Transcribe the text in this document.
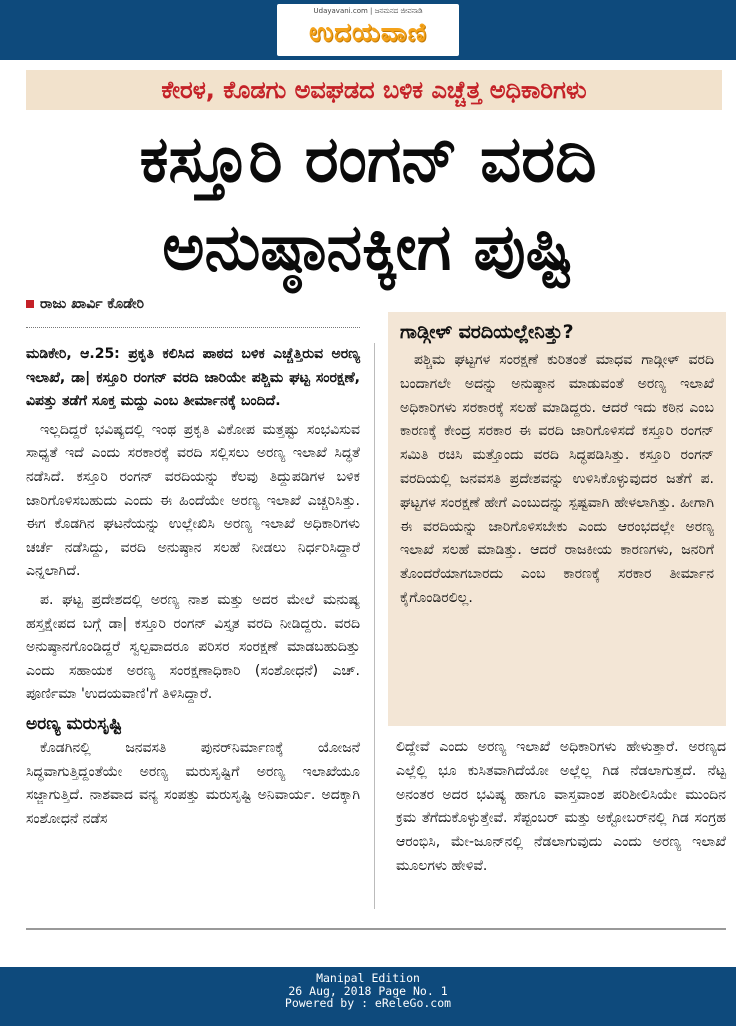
Udayavani.com | ಜನಮನದ ಜೀವನಾಡಿ
ಉದಯವಾಣಿ
ಕೇರಳ, ಕೊಡಗು ಅವಘಡದ ಬಳಿಕ ಎಚ್ಚೆತ್ತ ಅಧಿಕಾರಿಗಳು
ಕಸ್ತೂರಿ ರಂಗನ್‌ ವರದಿ
ಅನುಷ್ಠಾನಕ್ಕೀಗ ಪುಷ್ಟಿ
ರಾಜು ಖಾರ್ವಿ ಕೊಡೇರಿ

ಮಡಿಕೇರಿ, ಆ.25: ಪ್ರಕೃತಿ ಕಲಿಸಿದ ಪಾಠದ ಬಳಿಕ ಎಚ್ಚೆತ್ತಿರುವ ಅರಣ್ಯ ಇಲಾಖೆ, ಡಾ| ಕಸ್ತೂರಿ ರಂಗನ್‌ ವರದಿ ಜಾರಿಯೇ ಪಶ್ಚಿಮ ಘಟ್ಟ ಸಂರಕ್ಷಣೆ, ವಿಪತ್ತು ತಡೆಗೆ ಸೂಕ್ತ ಮದ್ದು ಎಂಬ ತೀರ್ಮಾನಕ್ಕೆ ಬಂದಿದೆ.

ಇಲ್ಲದಿದ್ದರೆ ಭವಿಷ್ಯದಲ್ಲಿ ಇಂಥ ಪ್ರಕೃತಿ ವಿಕೋಪ ಮತ್ತಷ್ಟು ಸಂಭವಿಸುವ ಸಾಧ್ಯತೆ ಇದೆ ಎಂದು ಸರಕಾರಕ್ಕೆ ವರದಿ ಸಲ್ಲಿಸಲು ಅರಣ್ಯ ಇಲಾಖೆ ಸಿದ್ಧತೆ ನಡೆಸಿದೆ. ಕಸ್ತೂರಿ ರಂಗನ್‌ ವರದಿಯನ್ನು ಕೆಲವು ತಿದ್ದುಪಡಿಗಳ ಬಳಿಕ ಜಾರಿಗೊಳಿಸಬಹುದು ಎಂದು ಈ ಹಿಂದೆಯೇ ಅರಣ್ಯ ಇಲಾಖೆ ಎಚ್ಚರಿಸಿತ್ತು. ಈಗ ಕೊಡಗಿನ ಘಟನೆಯನ್ನು ಉಲ್ಲೇಖಿಸಿ ಅರಣ್ಯ ಇಲಾಖೆ ಅಧಿಕಾರಿಗಳು ಚರ್ಚೆ ನಡೆಸಿದ್ದು, ವರದಿ ಅನುಷ್ಠಾನ ಸಲಹೆ ನೀಡಲು ನಿರ್ಧರಿಸಿದ್ದಾರೆ ಎನ್ನಲಾಗಿದೆ.

ಪ. ಘಟ್ಟ ಪ್ರದೇಶದಲ್ಲಿ ಅರಣ್ಯ ನಾಶ ಮತ್ತು ಅದರ ಮೇಲೆ ಮನುಷ್ಯ ಹಸ್ತಕ್ಷೇಪದ ಬಗ್ಗೆ ಡಾ| ಕಸ್ತೂರಿ ರಂಗನ್‌ ವಿಸ್ತೃತ ವರದಿ ನೀಡಿದ್ದರು. ವರದಿ ಅನುಷ್ಠಾನಗೊಂಡಿದ್ದರೆ ಸ್ವಲ್ಪವಾದರೂ ಪರಿಸರ ಸಂರಕ್ಷಣೆ ಮಾಡಬಹುದಿತ್ತು ಎಂದು ಸಹಾಯಕ ಅರಣ್ಯ ಸಂರಕ್ಷಣಾಧಿಕಾರಿ (ಸಂಶೋಧನೆ) ಎಚ್‌. ಪೂರ್ಣಿಮಾ 'ಉದಯವಾಣಿ'ಗೆ ತಿಳಿಸಿದ್ದಾರೆ.

ಅರಣ್ಯ ಮರುಸೃಷ್ಟಿ

ಕೊಡಗಿನಲ್ಲಿ ಜನವಸತಿ ಪುನರ್‌ನಿರ್ಮಾಣಕ್ಕೆ ಯೋಜನೆ ಸಿದ್ಧವಾಗುತ್ತಿದ್ದಂತೆಯೇ ಅರಣ್ಯ ಮರುಸೃಷ್ಟಿಗೆ ಅರಣ್ಯ ಇಲಾಖೆಯೂ ಸಜ್ಜಾಗುತ್ತಿದೆ. ನಾಶವಾದ ವನ್ಯ ಸಂಪತ್ತು ಮರುಸೃಷ್ಟಿ ಅನಿವಾರ್ಯ. ಅದಕ್ಕಾಗಿ ಸಂಶೋಧನೆ ನಡೆಸ

ಗಾಡ್ಗೀಳ್‌ ವರದಿಯಲ್ಲೇನಿತ್ತು?

ಪಶ್ಚಿಮ ಘಟ್ಟಗಳ ಸಂರಕ್ಷಣೆ ಕುರಿತಂತೆ ಮಾಧವ ಗಾಡ್ಗೀಳ್‌ ವರದಿ ಬಂದಾಗಲೇ ಅದನ್ನು ಅನುಷ್ಠಾನ ಮಾಡುವಂತೆ ಅರಣ್ಯ ಇಲಾಖೆ ಅಧಿಕಾರಿಗಳು ಸರಕಾರಕ್ಕೆ ಸಲಹೆ ಮಾಡಿದ್ದರು. ಆದರೆ ಇದು ಕಠಿನ ಎಂಬ ಕಾರಣಕ್ಕೆ ಕೇಂದ್ರ ಸರಕಾರ ಈ ವರದಿ ಜಾರಿಗೊಳಿಸದೆ ಕಸ್ತೂರಿ ರಂಗನ್‌ ಸಮಿತಿ ರಚಿಸಿ ಮತ್ತೊಂದು ವರದಿ ಸಿದ್ಧಪಡಿಸಿತ್ತು. ಕಸ್ತೂರಿ ರಂಗನ್‌ ವರದಿಯಲ್ಲಿ ಜನವಸತಿ ಪ್ರದೇಶವನ್ನು ಉಳಿಸಿಕೊಳ್ಳುವುದರ ಜತೆಗೆ ಪ. ಘಟ್ಟಗಳ ಸಂರಕ್ಷಣೆ ಹೇಗೆ ಎಂಬುದನ್ನು ಸ್ಪಷ್ಟವಾಗಿ ಹೇಳಲಾಗಿತ್ತು. ಹೀಗಾಗಿ ಈ ವರದಿಯನ್ನು ಜಾರಿಗೊಳಿಸಬೇಕು ಎಂದು ಆರಂಭದಲ್ಲೇ ಅರಣ್ಯ ಇಲಾಖೆ ಸಲಹೆ ಮಾಡಿತ್ತು. ಆದರೆ ರಾಜಕೀಯ ಕಾರಣಗಳು, ಜನರಿಗೆ ತೊಂದರೆಯಾಗಬಾರದು ಎಂಬ ಕಾರಣಕ್ಕೆ ಸರಕಾರ ತೀರ್ಮಾನ ಕೈಗೊಂಡಿರಲಿಲ್ಲ.

ಲಿದ್ದೇವೆ ಎಂದು ಅರಣ್ಯ ಇಲಾಖೆ ಅಧಿಕಾರಿಗಳು ಹೇಳುತ್ತಾರೆ. ಅರಣ್ಯದ ಎಲ್ಲೆಲ್ಲಿ ಭೂ ಕುಸಿತವಾಗಿದೆಯೋ ಅಲ್ಲೆಲ್ಲ ಗಿಡ ನೆಡಲಾಗುತ್ತದೆ. ನೆಟ್ಟ ಅನಂತರ ಅದರ ಭವಿಷ್ಯ ಹಾಗೂ ವಾಸ್ತವಾಂಶ ಪರಿಶೀಲಿಸಿಯೇ ಮುಂದಿನ ಕ್ರಮ ತೆಗೆದುಕೊಳ್ಳುತ್ತೇವೆ. ಸೆಪ್ಟಂಬರ್‌ ಮತ್ತು ಅಕ್ಟೋಬರ್‌ನಲ್ಲಿ ಗಿಡ ಸಂಗ್ರಹ ಆರಂಭಿಸಿ, ಮೇ-ಜೂನ್‌ನಲ್ಲಿ ನೆಡಲಾಗುವುದು ಎಂದು ಅರಣ್ಯ ಇಲಾಖೆ ಮೂಲಗಳು ಹೇಳಿವೆ.

Manipal Edition
26 Aug, 2018 Page No. 1
Powered by : eReleGo.com
